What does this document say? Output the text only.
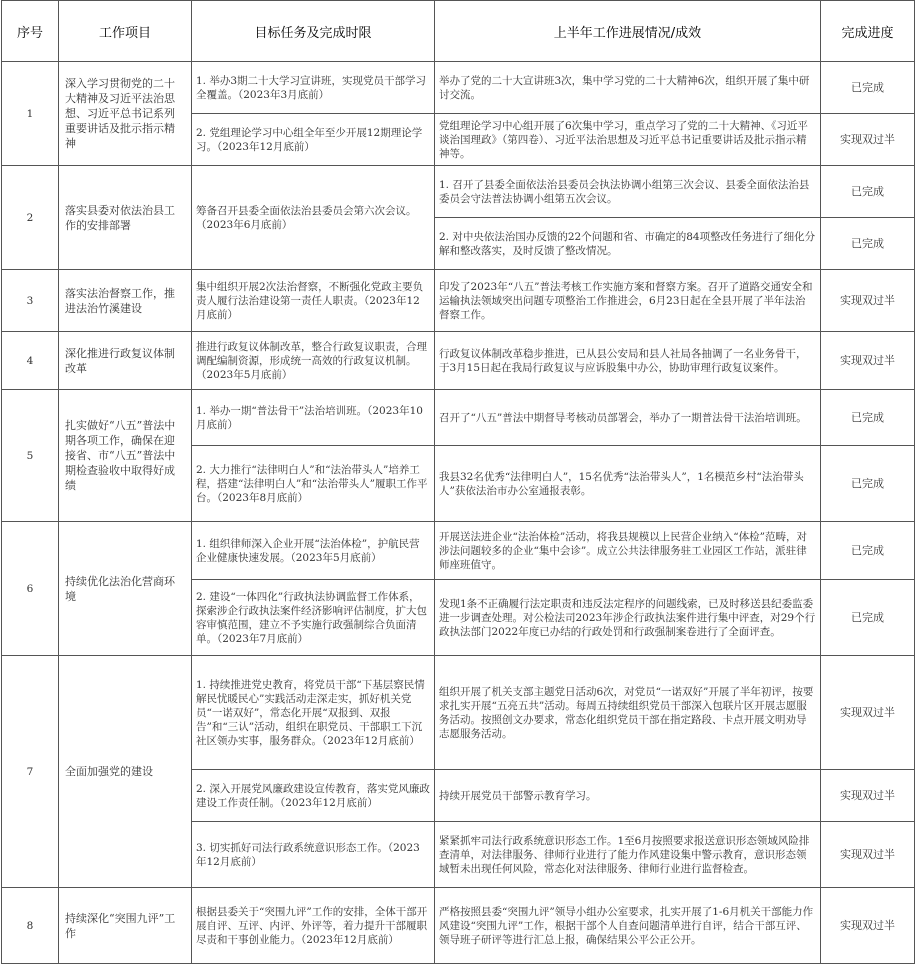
序号	工作项目	目标任务及完成时限	上半年工作进展情况/成效	完成进度
1	深入学习贯彻党的二十大精神及习近平法治思想、习近平总书记系列重要讲话及批示指示精神	1. 举办3期二十大学习宣讲班，实现党员干部学习全覆盖。（2023年3月底前）	举办了党的二十大宣讲班3次，集中学习党的二十大精神6次，组织开展了集中研讨交流。	已完成
		2. 党组理论学习中心组全年至少开展12期理论学习。（2023年12月底前）	党组理论学习中心组开展了6次集中学习，重点学习了党的二十大精神、《习近平谈治国理政》（第四卷）、习近平法治思想及习近平总书记重要讲话及批示指示精神等。	实现双过半
2	落实县委对依法治县工作的安排部署	筹备召开县委全面依法治县委员会第六次会议。（2023年6月底前）	1. 召开了县委全面依法治县委员会执法协调小组第三次会议、县委全面依法治县委员会守法普法协调小组第五次会议。	已完成
			2. 对中央依法治国办反馈的22个问题和省、市确定的84项整改任务进行了细化分解和整改落实，及时反馈了整改情况。	已完成
3	落实法治督察工作，推进法治竹溪建设	集中组织开展2次法治督察，不断强化党政主要负责人履行法治建设第一责任人职责。（2023年12月底前）	印发了2023年“八五”普法考核工作实施方案和督察方案。召开了道路交通安全和运输执法领域突出问题专项整治工作推进会，6月23日起在全县开展了半年法治督察工作。	实现双过半
4	深化推进行政复议体制改革	推进行政复议体制改革，整合行政复议职责，合理调配编制资源，形成统一高效的行政复议机制。（2023年5月底前）	行政复议体制改革稳步推进，已从县公安局和县人社局各抽调了一名业务骨干，于3月15日起在我局行政复议与应诉股集中办公，协助审理行政复议案件。	实现双过半
5	扎实做好“八五”普法中期各项工作，确保在迎接省、市“八五”普法中期检查验收中取得好成绩	1. 举办一期“普法骨干”法治培训班。（2023年10月底前）	召开了“八五”普法中期督导考核动员部署会，举办了一期普法骨干法治培训班。	已完成
		2. 大力推行“法律明白人”和“法治带头人”培养工程，搭建“法律明白人”和“法治带头人”履职工作平台。（2023年8月底前）	我县32名优秀“法律明白人”，15名优秀“法治带头人”，1名模范乡村“法治带头人”获依法治市办公室通报表彰。	已完成
6	持续优化法治化营商环境	1. 组织律师深入企业开展“法治体检”，护航民营企业健康快速发展。（2023年5月底前）	开展送法进企业“法治体检”活动，将我县规模以上民营企业纳入“体检”范畴，对涉法问题较多的企业“集中会诊”。成立公共法律服务驻工业园区工作站，派驻律师座班值守。	已完成
		2. 建设“一体四化”行政执法协调监督工作体系，探索涉企行政执法案件经济影响评估制度，扩大包容审慎范围，建立不予实施行政强制综合负面清单。（2023年7月底前）	发现1条不正确履行法定职责和违反法定程序的问题线索，已及时移送县纪委监委进一步调查处理。对公检法司2023年涉企行政执法案件进行集中评查，对29个行政执法部门2022年度已办结的行政处罚和行政强制案卷进行了全面评查。	已完成
7	全面加强党的建设	1. 持续推进党史教育，将党员干部“下基层察民情解民忧暖民心”实践活动走深走实，抓好机关党员“一诺双好”，常态化开展“双报到、双报告”和“三认”活动，组织在职党员、干部职工下沉社区领办实事，服务群众。（2023年12月底前）	组织开展了机关支部主题党日活动6次，对党员“一诺双好”开展了半年初评，按要求扎实开展“五亮五共”活动。每周五持续组织党员干部深入包联片区开展志愿服务活动。按照创文办要求，常态化组织党员干部在指定路段、卡点开展文明劝导志愿服务活动。	实现双过半
		2. 深入开展党风廉政建设宣传教育，落实党风廉政建设工作责任制。（2023年12月底前）	持续开展党员干部警示教育学习。	实现双过半
		3. 切实抓好司法行政系统意识形态工作。（2023年12月底前）	紧紧抓牢司法行政系统意识形态工作。1至6月按照要求报送意识形态领域风险排查清单，对法律服务、律师行业进行了能力作风建设集中警示教育，意识形态领域暂未出现任何风险，常态化对法律服务、律师行业进行监督检查。	实现双过半
8	持续深化“突围九评”工作	根据县委关于“突围九评”工作的安排，全体干部开展自评、互评、内评、外评等，着力提升干部履职尽责和干事创业能力。（2023年12月底前）	严格按照县委“突围九评”领导小组办公室要求，扎实开展了1-6月机关干部能力作风建设“突围九评”工作，根据干部个人自查问题清单进行自评，结合干部互评、领导班子研评等进行汇总上报，确保结果公平公正公开。	实现双过半
